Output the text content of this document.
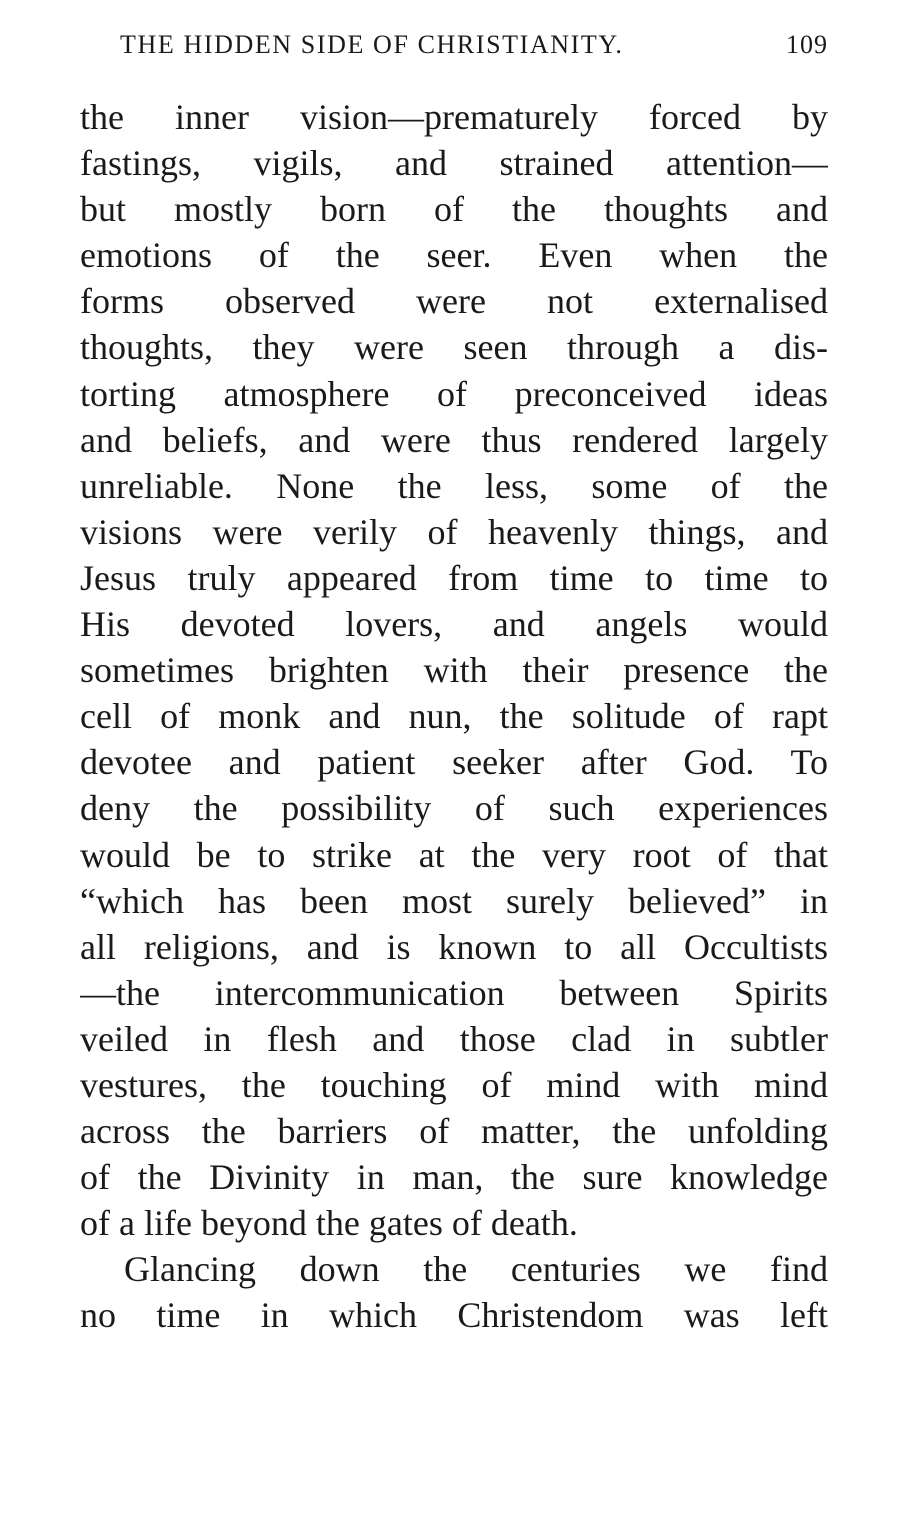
THE HIDDEN SIDE OF CHRISTIANITY.	109
the inner vision—prematurely forced by
fastings, vigils, and strained attention—
but mostly born of the thoughts and
emotions of the seer. Even when the
forms observed were not externalised
thoughts, they were seen through a dis-
torting atmosphere of preconceived ideas
and beliefs, and were thus rendered largely
unreliable. None the less, some of the
visions were verily of heavenly things, and
Jesus truly appeared from time to time to
His devoted lovers, and angels would
sometimes brighten with their presence the
cell of monk and nun, the solitude of rapt
devotee and patient seeker after God. To
deny the possibility of such experiences
would be to strike at the very root of that
“which has been most surely believed” in
all religions, and is known to all Occultists
—the intercommunication between Spirits
veiled in flesh and those clad in subtler
vestures, the touching of mind with mind
across the barriers of matter, the unfolding
of the Divinity in man, the sure knowledge
of a life beyond the gates of death.
Glancing down the centuries we find
no time in which Christendom was left
